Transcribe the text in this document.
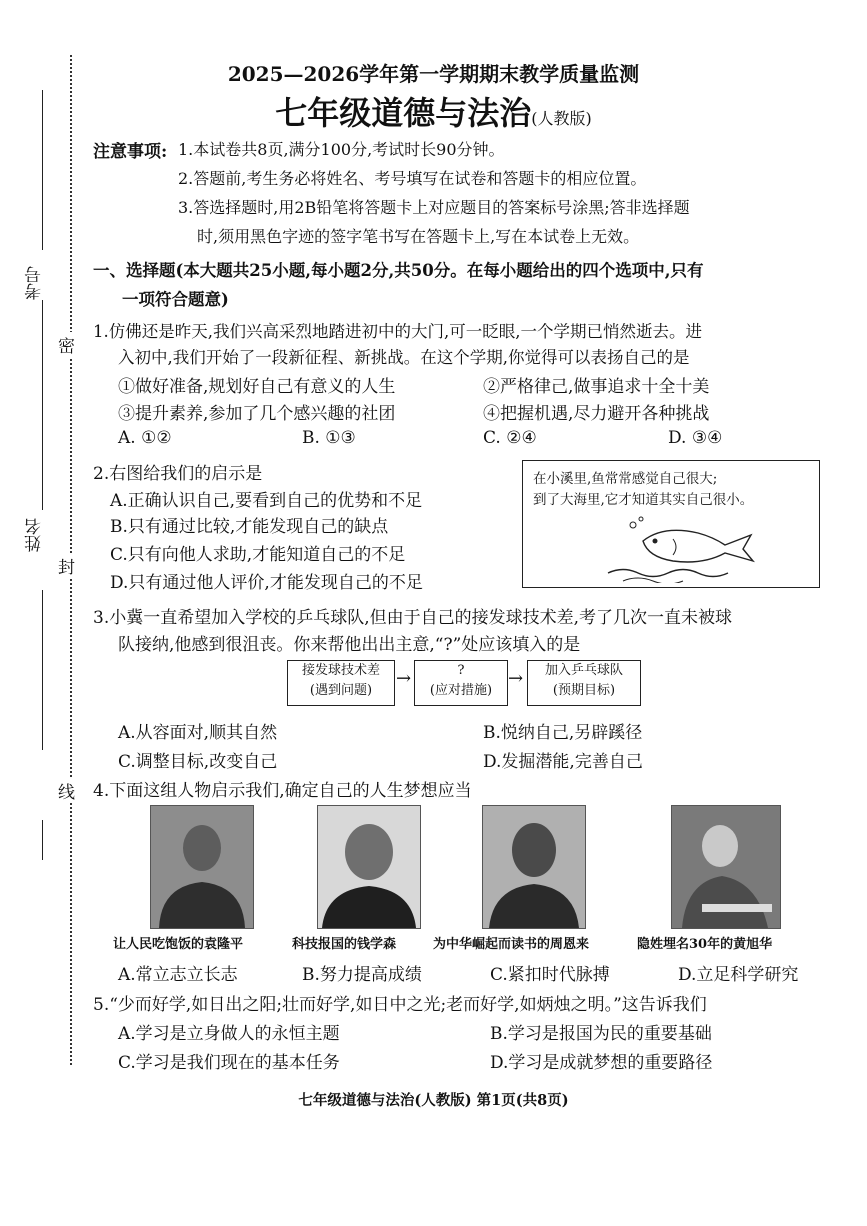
考号
姓名
密
封
线
2025—2026学年第一学期期末教学质量监测
七年级道德与法治(人教版)
注意事项: 1.本试卷共8页,满分100分,考试时长90分钟。
2.答题前,考生务必将姓名、考号填写在试卷和答题卡的相应位置。
3.答选择题时,用2B铅笔将答题卡上对应题目的答案标号涂黑;答非选择题
时,须用黑色字迹的签字笔书写在答题卡上,写在本试卷上无效。
一、选择题(本大题共25小题,每小题2分,共50分。在每小题给出的四个选项中,只有
一项符合题意)
1.仿佛还是昨天,我们兴高采烈地踏进初中的大门,可一眨眼,一个学期已悄然逝去。进
入初中,我们开始了一段新征程、新挑战。在这个学期,你觉得可以表扬自己的是
①做好准备,规划好自己有意义的人生	②严格律己,做事追求十全十美
③提升素养,参加了几个感兴趣的社团	④把握机遇,尽力避开各种挑战
A. ①②	B. ①③	C. ②④	D. ③④
2.右图给我们的启示是
A.正确认识自己,要看到自己的优势和不足
B.只有通过比较,才能发现自己的缺点
C.只有向他人求助,才能知道自己的不足
D.只有通过他人评价,才能发现自己的不足
在小溪里,鱼常常感觉自己很大;
到了大海里,它才知道其实自己很小。
3.小冀一直希望加入学校的乒乓球队,但由于自己的接发球技术差,考了几次一直未被球
队接纳,他感到很沮丧。你来帮他出出主意,“?”处应该填入的是
接发球技术差
(遇到问题)
→	?
(应对措施)
→	加入乒乓球队
(预期目标)
A.从容面对,顺其自然	B.悦纳自己,另辟蹊径
C.调整目标,改变自己	D.发掘潜能,完善自己
4.下面这组人物启示我们,确定自己的人生梦想应当
让人民吃饱饭的袁隆平	科技报国的钱学森	为中华崛起而读书的周恩来	隐姓埋名30年的黄旭华
A.常立志立长志	B.努力提高成绩	C.紧扣时代脉搏	D.立足科学研究
5.“少而好学,如日出之阳;壮而好学,如日中之光;老而好学,如炳烛之明。”这告诉我们
A.学习是立身做人的永恒主题	B.学习是报国为民的重要基础
C.学习是我们现在的基本任务	D.学习是成就梦想的重要路径
七年级道德与法治(人教版) 第1页(共8页)
